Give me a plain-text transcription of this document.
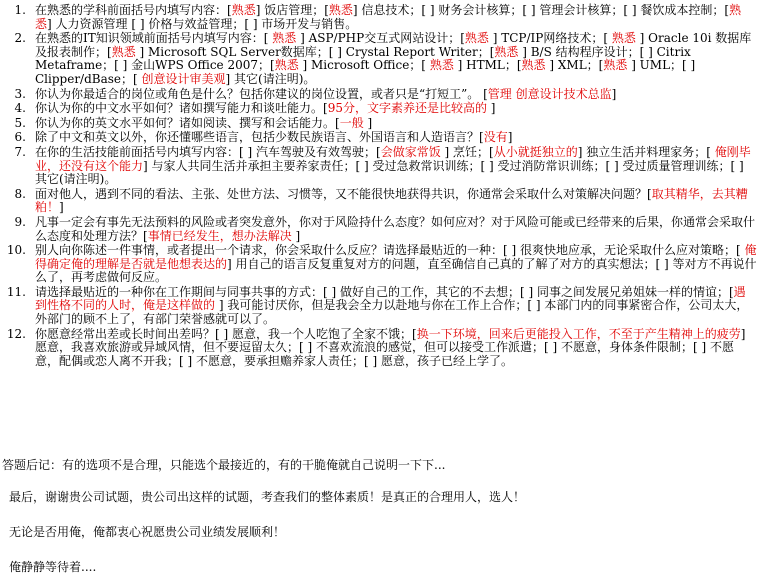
1. 在熟悉的学科前面括号内填写内容：[熟悉] 饭店管理；[熟悉] 信息技术；[ ] 财务会计核算；[ ] 管理会计核算；[ ] 餐饮成本控制；[熟悉] 人力资源管理 [ ] 价格与效益管理；[ ] 市场开发与销售。
2. 在熟悉的IT知识领域前面括号内填写内容：[ 熟悉 ] ASP/PHP交互式网站设计；[熟悉 ] TCP/IP网络技术；[ 熟悉 ] Oracle 10i 数据库及报表制作；[熟悉 ] Microsoft SQL Server数据库；[ ] Crystal Report Writer；[熟悉 ] B/S 结构程序设计；[ ] Citrix Metaframe；[ ] 金山WPS Office 2007；[熟悉 ] Microsoft Office；[ 熟悉 ] HTML；[熟悉 ] XML；[熟悉 ] UML；[ ] Clipper/dBase；[ 创意设计审美观] 其它(请注明)。
3. 你认为你最适合的岗位或角色是什么？包括你建议的岗位设置，或者只是“打短工”。 [管理 创意设计技术总监]
4. 你认为你的中文水平如何？诸如撰写能力和谈吐能力。[95分，文字素养还是比较高的 ]
5. 你认为你的英文水平如何？诸如阅读、撰写和会话能力。[一般 ]
6. 除了中文和英文以外，你还懂哪些语言，包括少数民族语言、外国语言和人造语言？[没有]
7. 在你的生活技能前面括号内填写内容：[ ] 汽车驾驶及有效驾驶；[会做家常饭 ] 烹饪；[从小就挺独立的] 独立生活并料理家务；[ 俺刚毕业，还没有这个能力] 与家人共同生活并承担主要养家责任；[ ] 受过急救常识训练；[ ] 受过消防常识训练；[ ] 受过质量管理训练；[ ] 其它(请注明)。
8. 面对他人，遇到不同的看法、主张、处世方法、习惯等，又不能很快地获得共识，你通常会采取什么对策解决问题？[取其精华，去其糟粕！]
9. 凡事一定会有事先无法预料的风险或者突发意外，你对于风险持什么态度？如何应对？对于风险可能或已经带来的后果，你通常会采取什么态度和处理方法？[事情已经发生，想办法解决 ]
10. 别人向你陈述一件事情，或者提出一个请求，你会采取什么反应？请选择最贴近的一种：[ ] 很爽快地应承，无论采取什么应对策略；[ 俺得确定俺的理解是否就是他想表达的] 用自己的语言反复重复对方的问题，直至确信自己真的了解了对方的真实想法；[ ] 等对方不再说什么了，再考虑做何反应。
11. 请选择最贴近的一种你在工作期间与同事共事的方式：[ ] 做好自己的工作，其它的不去想；[ ] 同事之间发展兄弟姐妹一样的情谊；[遇到性格不同的人时，俺是这样做的 ] 我可能讨厌你，但是我会全力以赴地与你在工作上合作；[ ] 本部门内的同事紧密合作，公司太大，外部门的顾不上了，有部门荣誉感就可以了。
12. 你愿意经常出差或长时间出差吗？[ ] 愿意，我一个人吃饱了全家不饿；[换一下环境，回来后更能投入工作，不至于产生精神上的疲劳] 愿意，我喜欢旅游或异域风情，但不要逗留太久；[ ] 不喜欢流浪的感觉，但可以接受工作派遣；[ ] 不愿意，身体条件限制；[ ] 不愿意，配偶或恋人离不开我；[ ] 不愿意，要承担赡养家人责任；[ ] 愿意，孩子已经上学了。

答题后记：有的选项不是合理，只能选个最接近的，有的干脆俺就自己说明一下下...

最后，谢谢贵公司试题，贵公司出这样的试题，考查我们的整体素质！是真正的合理用人，选人！

无论是否用俺，俺都衷心祝愿贵公司业绩发展顺利！

俺静静等待着....
